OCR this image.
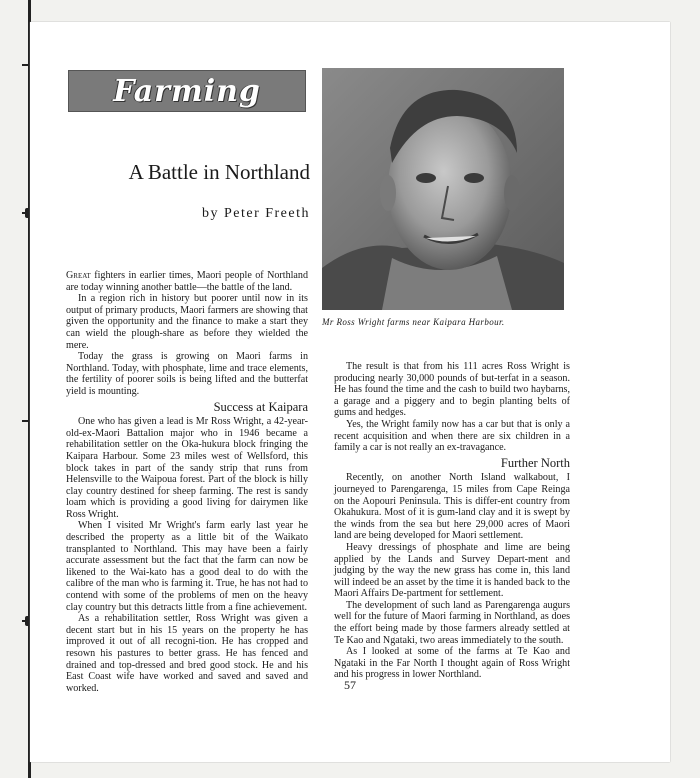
Farming
A Battle in Northland
by Peter Freeth
Mr Ross Wright farms near Kaipara Harbour.

Great fighters in earlier times, Maori people of Northland are today winning another battle—the battle of the land.

In a region rich in history but poorer until now in its output of primary products, Maori farmers are showing that given the opportunity and the finance to make a start they can wield the plough-share as before they wielded the mere.

Today the grass is growing on Maori farms in Northland. Today, with phosphate, lime and trace elements, the fertility of poorer soils is being lifted and the butterfat yield is mounting.

Success at Kaipara

One who has given a lead is Mr Ross Wright, a 42-year-old-ex-Maori Battalion major who in 1946 became a rehabilitation settler on the Oka-hukura block fringing the Kaipara Harbour. Some 23 miles west of Wellsford, this block takes in part of the sandy strip that runs from Helensville to the Waipoua forest. Part of the block is hilly clay country destined for sheep farming. The rest is sandy loam which is providing a good living for dairymen like Ross Wright.

When I visited Mr Wright's farm early last year he described the property as a little bit of the Waikato transplanted to Northland. This may have been a fairly accurate assessment but the fact that the farm can now be likened to the Wai-kato has a good deal to do with the calibre of the man who is farming it. True, he has not had to contend with some of the problems of men on the heavy clay country but this detracts little from a fine achievement.

As a rehabilitation settler, Ross Wright was given a decent start but in his 15 years on the property he has improved it out of all recogni-tion. He has cropped and resown his pastures to better grass. He has fenced and drained and top-dressed and bred good stock. He and his East Coast wife have worked and saved and saved and worked.

The result is that from his 111 acres Ross Wright is producing nearly 30,000 pounds of but-terfat in a season. He has found the time and the cash to build two haybarns, a garage and a piggery and to begin planting belts of gums and hedges.

Yes, the Wright family now has a car but that is only a recent acquisition and when there are six children in a family a car is not really an ex-travagance.

Further North

Recently, on another North Island walkabout, I journeyed to Parengarenga, 15 miles from Cape Reinga on the Aopouri Peninsula. This is differ-ent country from Okahukura. Most of it is gum-land clay and it is swept by the winds from the sea but here 29,000 acres of Maori land are being developed for Maori settlement.

Heavy dressings of phosphate and lime are being applied by the Lands and Survey Depart-ment and judging by the way the new grass has come in, this land will indeed be an asset by the time it is handed back to the Maori Affairs De-partment for settlement.

The development of such land as Parengarenga augurs well for the future of Maori farming in Northland, as does the effort being made by those farmers already settled at Te Kao and Ngataki, two areas immediately to the south.

As I looked at some of the farms at Te Kao and Ngataki in the Far North I thought again of Ross Wright and his progress in lower Northland.

57
